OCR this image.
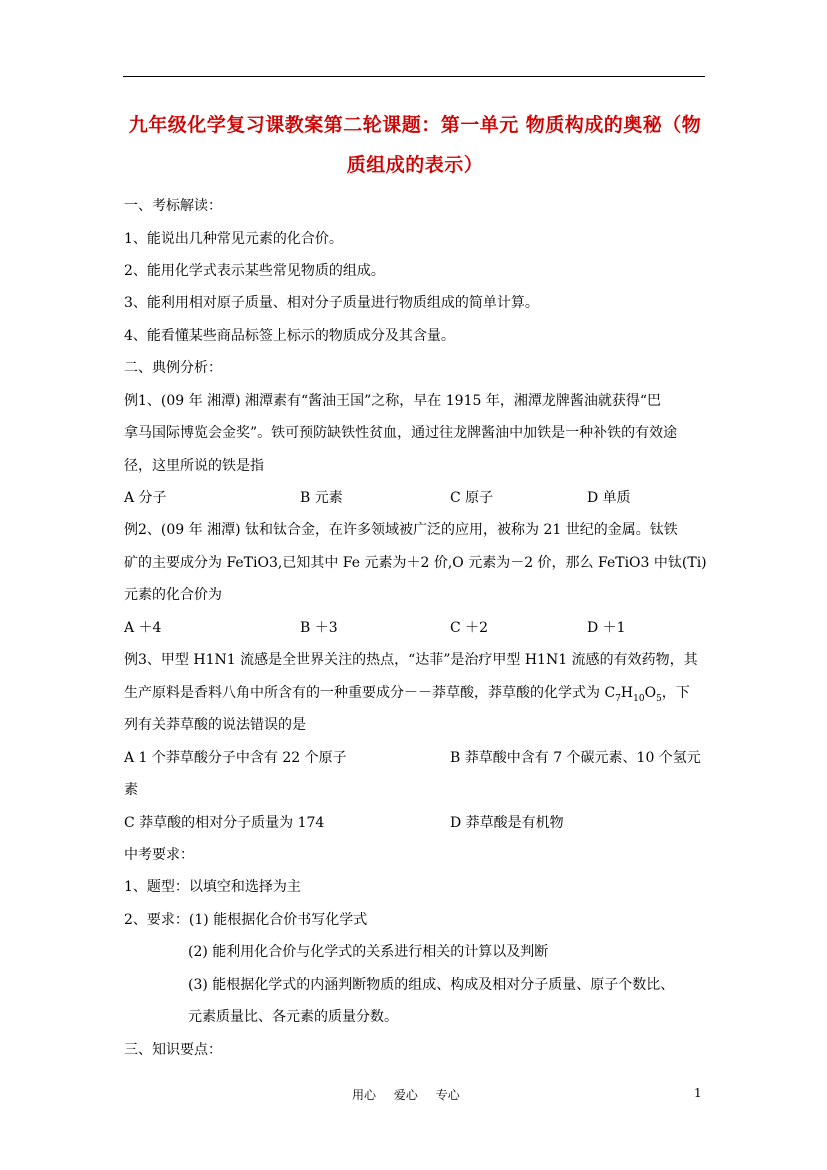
九年级化学复习课教案第二轮课题：第一单元 物质构成的奥秘（物
质组成的表示）
一、考标解读：
1、能说出几种常见元素的化合价。
2、能用化学式表示某些常见物质的组成。
3、能利用相对原子质量、相对分子质量进行物质组成的简单计算。
4、能看懂某些商品标签上标示的物质成分及其含量。
二、典例分析：
例1、(09 年 湘潭) 湘潭素有“酱油王国”之称，早在 1915 年，湘潭龙牌酱油就获得“巴
拿马国际博览会金奖”。铁可预防缺铁性贫血，通过往龙牌酱油中加铁是一种补铁的有效途
径，这里所说的铁是指
A 分子	B 元素	C 原子	D 单质
例2、(09 年 湘潭) 钛和钛合金，在许多领域被广泛的应用，被称为 21 世纪的金属。钛铁
矿的主要成分为 FeTiO3,已知其中 Fe 元素为＋2 价,O 元素为－2 价，那么 FeTiO3 中钛(Ti)
元素的化合价为
A ＋4	B ＋3	C ＋2	D ＋1
例3、甲型 H1N1 流感是全世界关注的热点，“达菲”是治疗甲型 H1N1 流感的有效药物，其
生产原料是香料八角中所含有的一种重要成分－－莽草酸，莽草酸的化学式为 $C_7H_{10}O_5$，下
列有关莽草酸的说法错误的是
A 1 个莽草酸分子中含有 22 个原子	B 莽草酸中含有 7 个碳元素、10 个氢元
素
C 莽草酸的相对分子质量为 174	D 莽草酸是有机物
中考要求：
1、题型：以填空和选择为主
2、要求：(1) 能根据化合价书写化学式
(2) 能利用化合价与化学式的关系进行相关的计算以及判断
(3) 能根据化学式的内涵判断物质的组成、构成及相对分子质量、原子个数比、
元素质量比、各元素的质量分数。
三、知识要点：
用心 爱心 专心	1
